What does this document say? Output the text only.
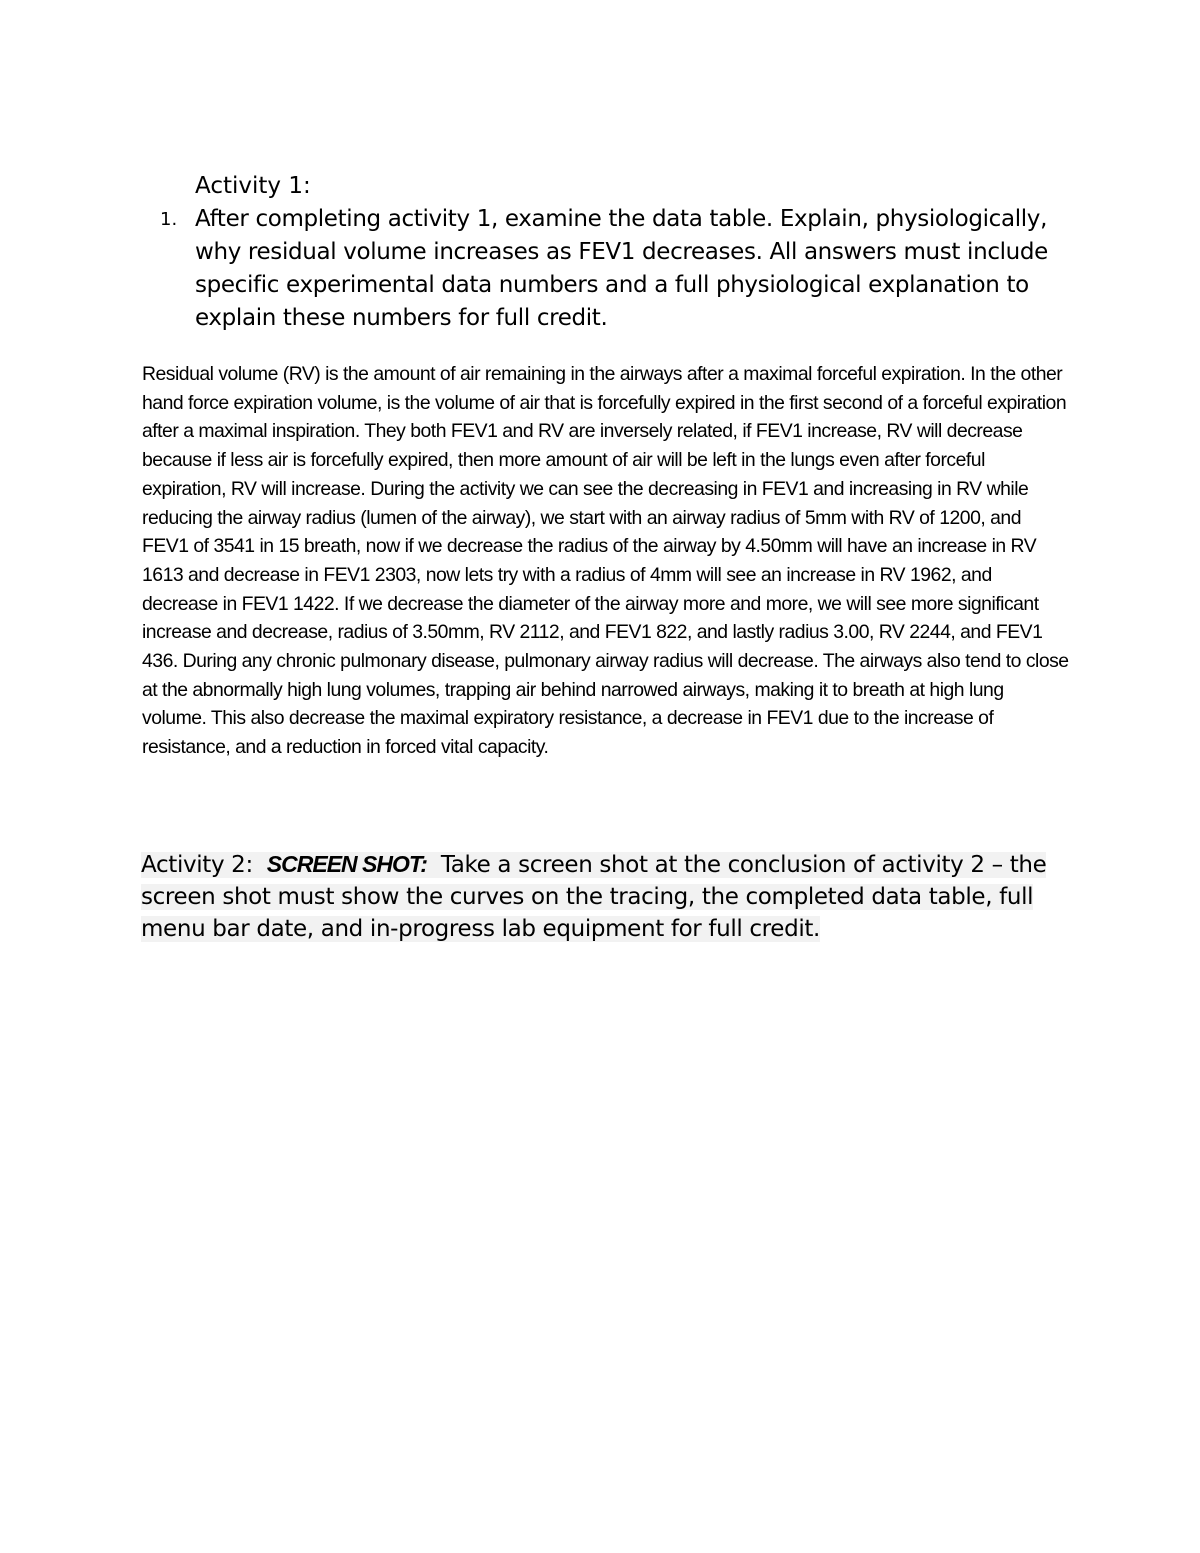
Activity 1:
1. After completing activity 1, examine the data table. Explain, physiologically, why residual volume increases as FEV1 decreases. All answers must include specific experimental data numbers and a full physiological explanation to explain these numbers for full credit.

Residual volume (RV) is the amount of air remaining in the airways after a maximal forceful expiration. In the other hand force expiration volume, is the volume of air that is forcefully expired in the first second of a forceful expiration after a maximal inspiration. They both FEV1 and RV are inversely related, if FEV1 increase, RV will decrease because if less air is forcefully expired, then more amount of air will be left in the lungs even after forceful expiration, RV will increase. During the activity we can see the decreasing in FEV1 and increasing in RV while reducing the airway radius (lumen of the airway), we start with an airway radius of 5mm with RV of 1200, and FEV1 of 3541 in 15 breath, now if we decrease the radius of the airway by 4.50mm will have an increase in RV 1613 and decrease in FEV1 2303, now lets try with a radius of 4mm will see an increase in RV 1962, and decrease in FEV1 1422. If we decrease the diameter of the airway more and more, we will see more significant increase and decrease, radius of 3.50mm, RV 2112, and FEV1 822, and lastly radius 3.00, RV 2244, and FEV1 436. During any chronic pulmonary disease, pulmonary airway radius will decrease. The airways also tend to close at the abnormally high lung volumes, trapping air behind narrowed airways, making it to breath at high lung volume. This also decrease the maximal expiratory resistance, a decrease in FEV1 due to the increase of resistance, and a reduction in forced vital capacity.

Activity 2: SCREEN SHOT: Take a screen shot at the conclusion of activity 2 – the screen shot must show the curves on the tracing, the completed data table, full menu bar date, and in-progress lab equipment for full credit.
